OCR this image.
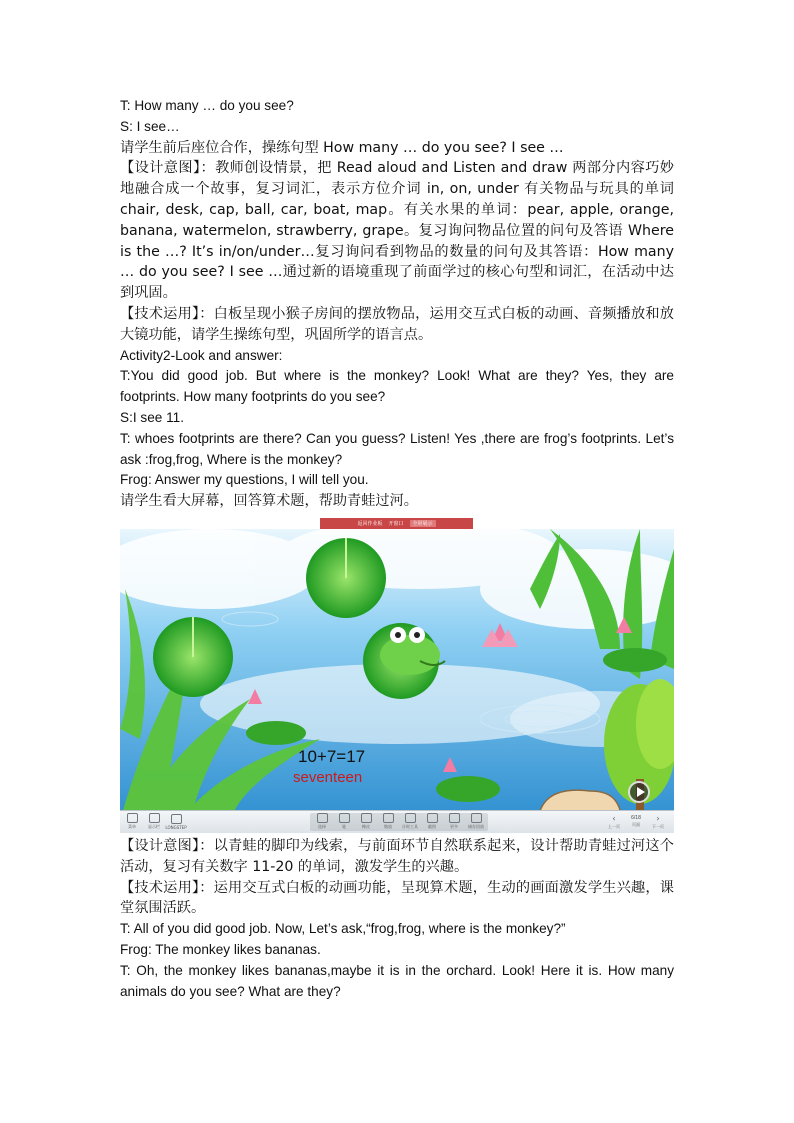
T: How many … do you see?

S: I see…

请学生前后座位合作，操练句型 How many … do you see? I see …

【设计意图】：教师创设情景，把 Read aloud and Listen and draw 两部分内容巧妙地融合成一个故事，复习词汇，表示方位介词 in, on, under 有关物品与玩具的单词 chair, desk, cap, ball, car, boat, map。有关水果的单词：pear, apple, orange, banana, watermelon, strawberry, grape。复习询问物品位置的问句及答语 Where is the …? It’s in/on/under…复习询问看到物品的数量的问句及其答语：How many … do you see? I see …通过新的语境重现了前面学过的核心句型和词汇，在活动中达到巩固。

【技术运用】：白板呈现小猴子房间的摆放物品，运用交互式白板的动画、音频播放和放大镜功能，请学生操练句型，巩固所学的语言点。

Activity2-Look and answer:

T:You did good job. But where is the monkey? Look! What are they? Yes, they are footprints. How many footprints do you see?

S:I see 11.

T: whoes footprints are there? Can you guess? Listen! Yes ,there are frog’s footprints. Let’s ask :frog,frog, Where is the monkey?

Frog: Answer my questions, I will tell you.

请学生看大屏幕，回答算术题，帮助青蛙过河。

返回作业板 开窗口	全屏展示
10+7=17
seventeen
菜单	显示栏 LONGSTEP	选择	笔	橡皮	缩放	计时工具	截图	更多	储存回放
‹
上一页
6/18
页面
›
下一页

【设计意图】：以青蛙的脚印为线索，与前面环节自然联系起来，设计帮助青蛙过河这个活动，复习有关数字 11-20 的单词，激发学生的兴趣。

【技术运用】：运用交互式白板的动画功能，呈现算术题，生动的画面激发学生兴趣，课堂氛围活跃。

T: All of you did good job. Now, Let’s ask,“frog,frog, where is the monkey?”

Frog: The monkey likes bananas.

T: Oh, the monkey likes bananas,maybe it is in the orchard. Look! Here it is. How many animals do you see? What are they?
